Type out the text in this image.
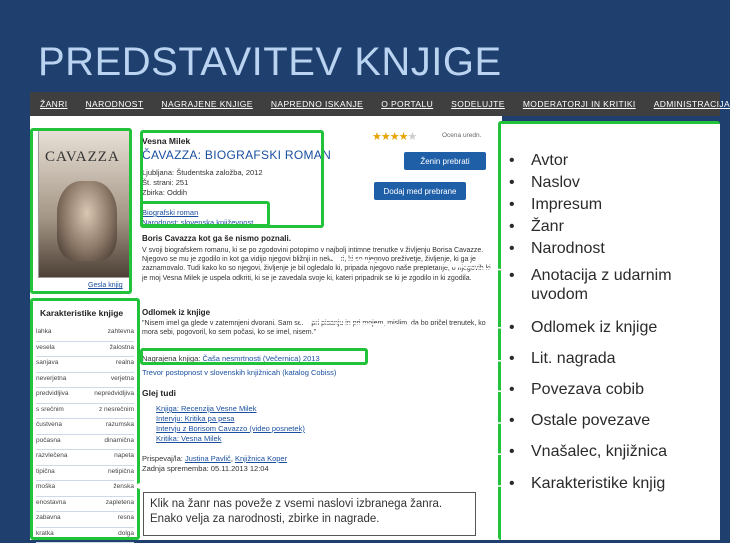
PREDSTAVITEV KNJIGE
ŽANRI NARODNOST NAGRAJENE KNJIGE NAPREDNO ISKANJE O PORTALU SODELUJTE MODERATORJI IN KRITIKI ADMINISTRACIJA
CAVAZZA
Gesla knjig
Vesna Milek
ČAVAZZA: BIOGRAFSKI ROMAN
Ljubljana: Študentska založba, 2012
Št. strani: 251
Zbirka: Oddih
Biografski roman
Narodnost: slovenska književnost
★★★★★	Ocena uredn.
Ženin prebrati
Dodaj med prebrane
Boris Cavazza kot ga še nismo poznali.
V svoji biografskem romanu, ki se po zgodovini potopimo v najbolj intimne trenutke v življenju Borisa Cavazze. Njegovo se mu je zgodilo in kot ga vidijo njegovi bližnji in nekateri, ki so njegovo preživetje, življenje, ki ga je zaznamovalo. Tudi kako ko so njegovi, življenje je bil ogledalo ki, pripada njegovo naše prepletanje, o njegovih ki je moj Vesna Milek je uspela odkriti, ki se je zavedala svoje ki, kateri pripadnik se ki je zgodilo in ki zgodila.
Odlomek iz knjige
"Nisem imel ga glede v zatemnjeni dvorani. Sam sem, pri pisanju in pri mojem, mislim, da bo pričel trenutek, ko mora sebi, pogovoril, ko sem počasi, ko se imel, nisem."
Nagrajena knjiga: Čaša nesmrtnosti (Večernica) 2013
Trevor postopnost v slovenskih knjižnicah (katalog Cobiss)
Glej tudi
Knjiga: Recenzija Vesne Milek
Intervju: Kritika pa pesa
Intervju z Borisom Cavazzo (video posnetek)
Kritika: Vesna Milek
Prispevaj/la: Justina Pavlič, Knjižnica Koper
Zadnja sprememba: 05.11.2013 12:04
Karakteristike knjige
lahka	zahtevna
vesela	žalostna
sanjava	realna
neverjetna	verjetna
predvidljiva	nepredvidljiva
s srečnim	z nesrečnim
čustvena	razumska
počasna	dinamična
razvlečena	napeta
tipična	netipična
moška	ženska
enostavna	zapletena
zabavna	resna
kratka	dolga
• Avtor
• Naslov
• Impresum
• Žanr
• Narodnost
• Anotacija z udarnim uvodom
• Odlomek iz knjige
• Lit. nagrada
• Povezava cobib
• Ostale povezave
• Vnašalec, knjižnica
• Karakteristike knjig
Klik na žanr nas poveže z vsemi naslovi izbranega žanra. Enako velja za narodnosti, zbirke in nagrade.
